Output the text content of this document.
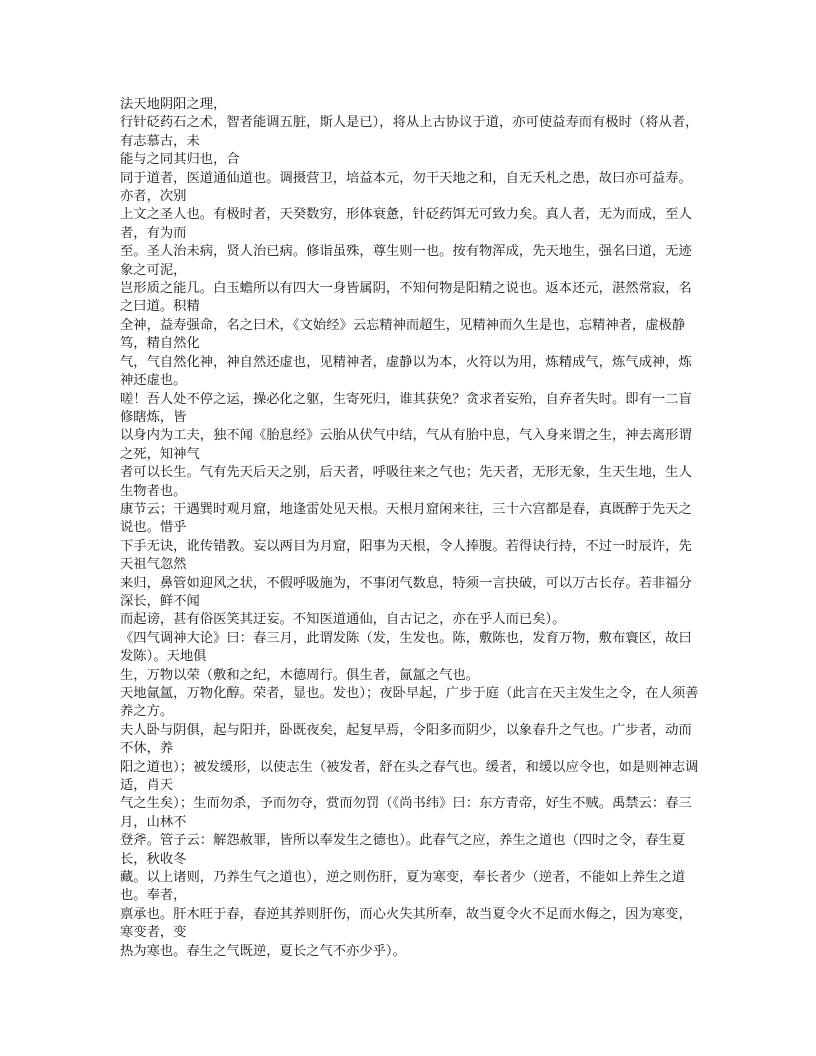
法天地阴阳之理，

行针砭药石之术，智者能调五脏，斯人是已），将从上古协议于道，亦可使益寿而有极时（将从者，有志慕古，未

能与之同其归也，合

同于道者，医道通仙道也。调摄营卫，培益本元，勿干天地之和，自无夭札之患，故曰亦可益寿。亦者，次别

上文之圣人也。有极时者，天癸数穷，形体衰惫，针砭药饵无可致力矣。真人者，无为而成，至人者，有为而

至。圣人治未病，贤人治已病。修诣虽殊，尊生则一也。按有物浑成，先天地生，强名曰道，无迹象之可泥，

岂形质之能几。白玉蟾所以有四大一身皆属阴，不知何物是阳精之说也。返本还元，湛然常寂，名之曰道。积精

全神，益寿强命，名之曰术，《文始经》云忘精神而超生，见精神而久生是也，忘精神者，虚极静笃，精自然化

气，气自然化神，神自然还虚也，见精神者，虚静以为本，火符以为用，炼精成气，炼气成神，炼神还虚也。

嗟！吾人处不停之运，操必化之躯，生寄死归，谁其获免？贪求者妄殆，自弃者失时。即有一二盲修瞎炼，皆

以身内为工夫，独不闻《胎息经》云胎从伏气中结，气从有胎中息，气入身来谓之生，神去离形谓之死，知神气

者可以长生。气有先天后天之别，后天者，呼吸往来之气也；先天者，无形无象，生天生地，生人生物者也。

康节云；干遇巽时观月窟，地逢雷处见天根。天根月窟闲来往，三十六宫都是春，真既醉于先天之说也。惜乎

下手无诀，讹传错教。妄以两目为月窟，阳事为天根，令人捧腹。若得诀行持，不过一时辰许，先天祖气忽然

来归，鼻管如迎风之状，不假呼吸施为，不事闭气数息，特须一言抉破，可以万古长存。若非福分深长，鲜不闻

而起谤，甚有俗医笑其迂妄。不知医道通仙，自古记之，亦在乎人而已矣）。

《四气调神大论》曰：春三月，此谓发陈（发，生发也。陈，敷陈也，发育万物，敷布寰区，故曰发陈）。天地俱

生，万物以荣（敷和之纪，木德周行。俱生者，氤氲之气也。

天地氤氲，万物化醇。荣者，显也。发也）；夜卧早起，广步于庭（此言在天主发生之令，在人须善养之方。

夫人卧与阴俱，起与阳并，卧既夜矣，起复早焉，令阳多而阴少，以象春升之气也。广步者，动而不休，养

阳之道也）；被发缓形，以使志生（被发者，舒在头之春气也。缓者，和缓以应令也，如是则神志调适，肖天

气之生矣）；生而勿杀，予而勿夺，赏而勿罚（《尚书纬》曰：东方青帝，好生不贼。禹禁云：春三月，山林不

登斧。管子云：解怨赦罪，皆所以奉发生之德也）。此春气之应，养生之道也（四时之令，春生夏长，秋收冬

藏。以上诸则，乃养生气之道也），逆之则伤肝，夏为寒变，奉长者少（逆者，不能如上养生之道也。奉者，

禀承也。肝木旺于春，春逆其养则肝伤，而心火失其所奉，故当夏令火不足而水侮之，因为寒变，寒变者，变

热为寒也。春生之气既逆，夏长之气不亦少乎）。
